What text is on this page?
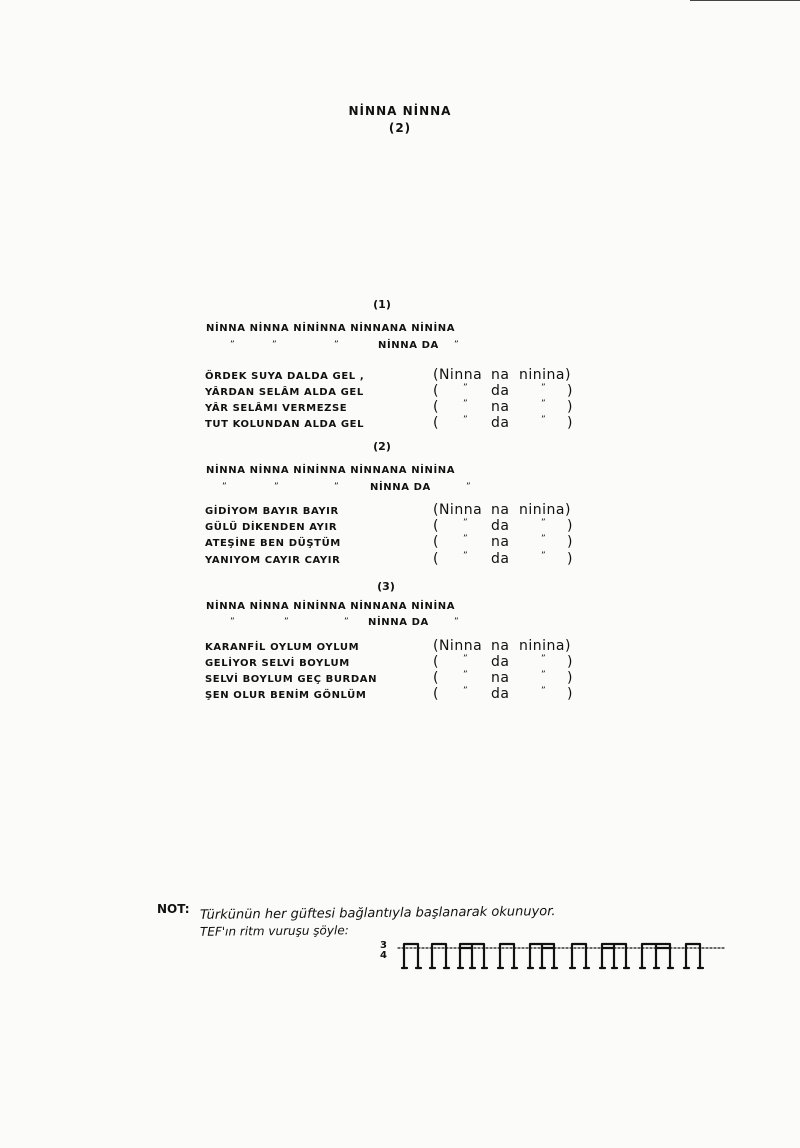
NİNNA NİNNA
(2)
(1)
NİNNA NİNNA NİNİNNA NİNNANA NİNİNA
”	”	”	NİNNA DA ”
ÖRDEK SUYA DALDA GEL ,	(Ninna na ninina)
YÂRDAN SELÂM ALDA GEL	(	” da	” )
YÂR SELÂMI VERMEZSE	(	” na	” )
TUT KOLUNDAN ALDA GEL	(	” da	” )
(2)
NİNNA NİNNA NİNİNNA NİNNANA NİNİNA
”	”	”	NİNNA DA	”
GİDİYOM BAYIR BAYIR	(Ninna na ninina)
GÜLÜ DİKENDEN AYIR	(	” da	” )
ATEŞİNE BEN DÜŞTÜM	(	” na	” )
YANIYOM CAYIR CAYIR	(	” da	” )
(3)
NİNNA NİNNA NİNİNNA NİNNANA NİNİNA
”	”	” NİNNA DA	”
KARANFİL OYLUM OYLUM	(Ninna na ninina)
GELİYOR SELVİ BOYLUM	(	” da	” )
SELVİ BOYLUM GEÇ BURDAN	(	” na	” )
ŞEN OLUR BENİM GÖNLÜM	(	” da	” )
NOT: Türkünün her güftesi bağlantıyla başlanarak okunuyor.
TEF'ın ritm vuruşu şöyle:
3
4
